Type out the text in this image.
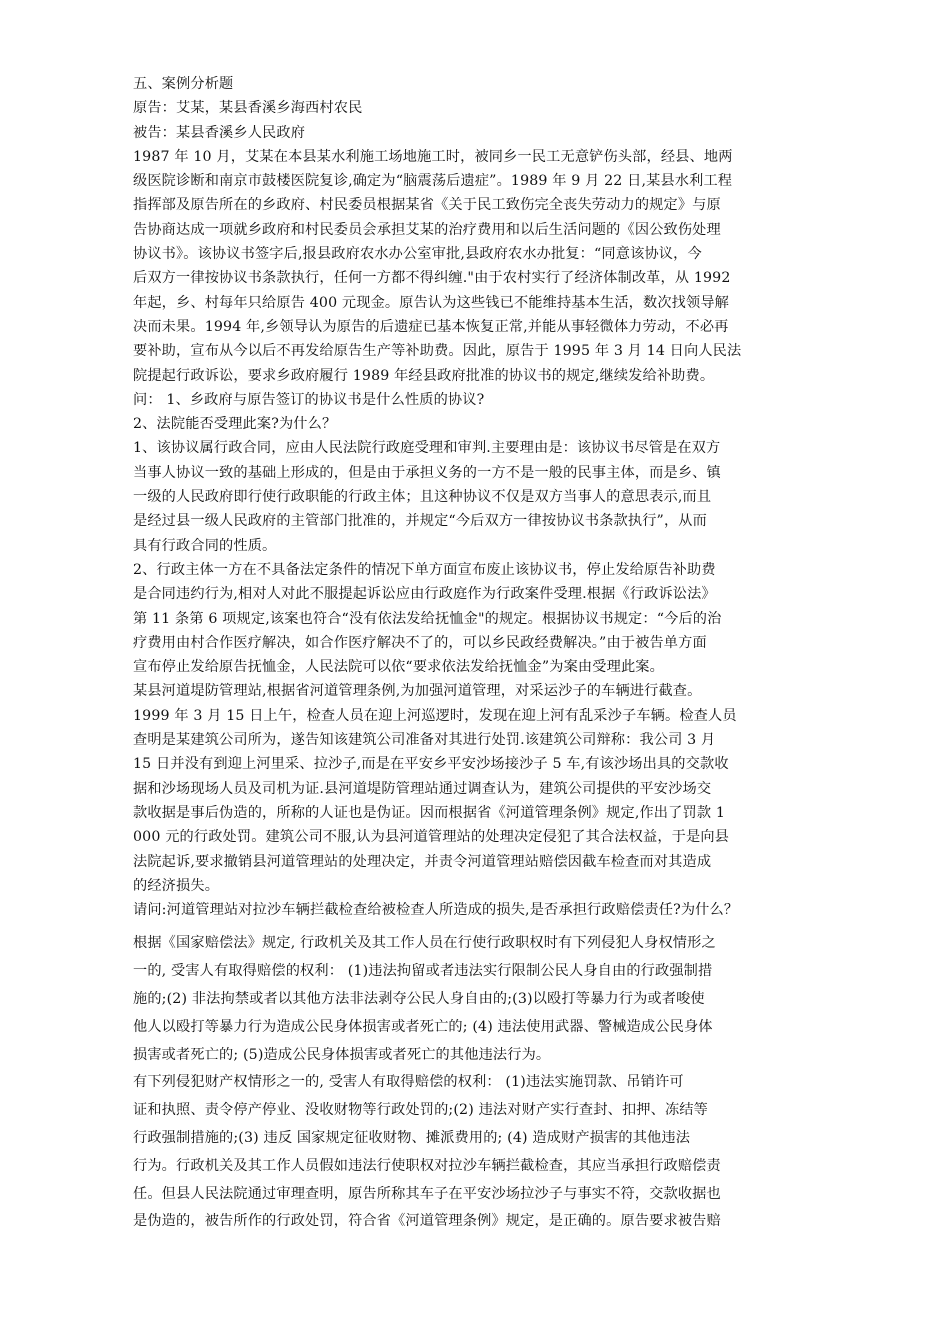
五、案例分析题
原告：艾某，某县香溪乡海西村农民
被告：某县香溪乡人民政府
1987 年 10 月，艾某在本县某水利施工场地施工时，被同乡一民工无意铲伤头部，经县、地两
级医院诊断和南京市鼓楼医院复诊,确定为“脑震荡后遗症”。1989 年 9 月 22 日,某县水利工程
指挥部及原告所在的乡政府、村民委员根据某省《关于民工致伤完全丧失劳动力的规定》与原
告协商达成一项就乡政府和村民委员会承担艾某的治疗费用和以后生活问题的《因公致伤处理
协议书》。该协议书签字后,报县政府农水办公室审批,县政府农水办批复：“同意该协议，今
后双方一律按协议书条款执行，任何一方都不得纠缠."由于农村实行了经济体制改革，从 1992
年起，乡、村每年只给原告 400 元现金。原告认为这些钱已不能维持基本生活，数次找领导解
决而未果。1994 年,乡领导认为原告的后遗症已基本恢复正常,并能从事轻微体力劳动，不必再
要补助，宣布从今以后不再发给原告生产等补助费。因此，原告于 1995 年 3 月 14 日向人民法
院提起行政诉讼，要求乡政府履行 1989 年经县政府批准的协议书的规定,继续发给补助费。
问： 1、乡政府与原告签订的协议书是什么性质的协议?
2、法院能否受理此案?为什么？
1、该协议属行政合同，应由人民法院行政庭受理和审判.主要理由是：该协议书尽管是在双方
当事人协议一致的基础上形成的，但是由于承担义务的一方不是一般的民事主体，而是乡、镇
一级的人民政府即行使行政职能的行政主体；且这种协议不仅是双方当事人的意思表示,而且
是经过县一级人民政府的主管部门批准的，并规定“今后双方一律按协议书条款执行”，从而
具有行政合同的性质。
2、行政主体一方在不具备法定条件的情况下单方面宣布废止该协议书，停止发给原告补助费
是合同违约行为,相对人对此不服提起诉讼应由行政庭作为行政案件受理.根据《行政诉讼法》
第 11 条第 6 项规定,该案也符合“没有依法发给抚恤金"的规定。根据协议书规定：“今后的治
疗费用由村合作医疗解决，如合作医疗解决不了的，可以乡民政经费解决。”由于被告单方面
宣布停止发给原告抚恤金，人民法院可以依“要求依法发给抚恤金”为案由受理此案。
某县河道堤防管理站,根据省河道管理条例,为加强河道管理，对采运沙子的车辆进行截查。
1999 年 3 月 15 日上午，检查人员在迎上河巡逻时，发现在迎上河有乱采沙子车辆。检查人员
查明是某建筑公司所为，遂告知该建筑公司准备对其进行处罚.该建筑公司辩称：我公司 3 月
15 日并没有到迎上河里采、拉沙子,而是在平安乡平安沙场接沙子 5 车,有该沙场出具的交款收
据和沙场现场人员及司机为证.县河道堤防管理站通过调查认为，建筑公司提供的平安沙场交
款收据是事后伪造的，所称的人证也是伪证。因而根据省《河道管理条例》规定,作出了罚款 1
000 元的行政处罚。建筑公司不服,认为县河道管理站的处理决定侵犯了其合法权益，于是向县
法院起诉,要求撤销县河道管理站的处理决定，并责令河道管理站赔偿因截车检查而对其造成
的经济损失。
请问:河道管理站对拉沙车辆拦截检查给被检查人所造成的损失,是否承担行政赔偿责任?为什么？
根据《国家赔偿法》规定, 行政机关及其工作人员在行使行政职权时有下列侵犯人身权情形之
一的, 受害人有取得赔偿的权利： (1)违法拘留或者违法实行限制公民人身自由的行政强制措
施的;(2) 非法拘禁或者以其他方法非法剥夺公民人身自由的;(3)以殴打等暴力行为或者唆使
他人以殴打等暴力行为造成公民身体损害或者死亡的; (4) 违法使用武器、警械造成公民身体
损害或者死亡的; (5)造成公民身体损害或者死亡的其他违法行为。
有下列侵犯财产权情形之一的, 受害人有取得赔偿的权利： (1)违法实施罚款、吊销许可
证和执照、责令停产停业、没收财物等行政处罚的;(2) 违法对财产实行查封、扣押、冻结等
行政强制措施的;(3) 违反 国家规定征收财物、摊派费用的; (4) 造成财产损害的其他违法
行为。行政机关及其工作人员假如违法行使职权对拉沙车辆拦截检查，其应当承担行政赔偿责
任。但县人民法院通过审理查明，原告所称其车子在平安沙场拉沙子与事实不符，交款收据也
是伪造的，被告所作的行政处罚，符合省《河道管理条例》规定，是正确的。原告要求被告赔
